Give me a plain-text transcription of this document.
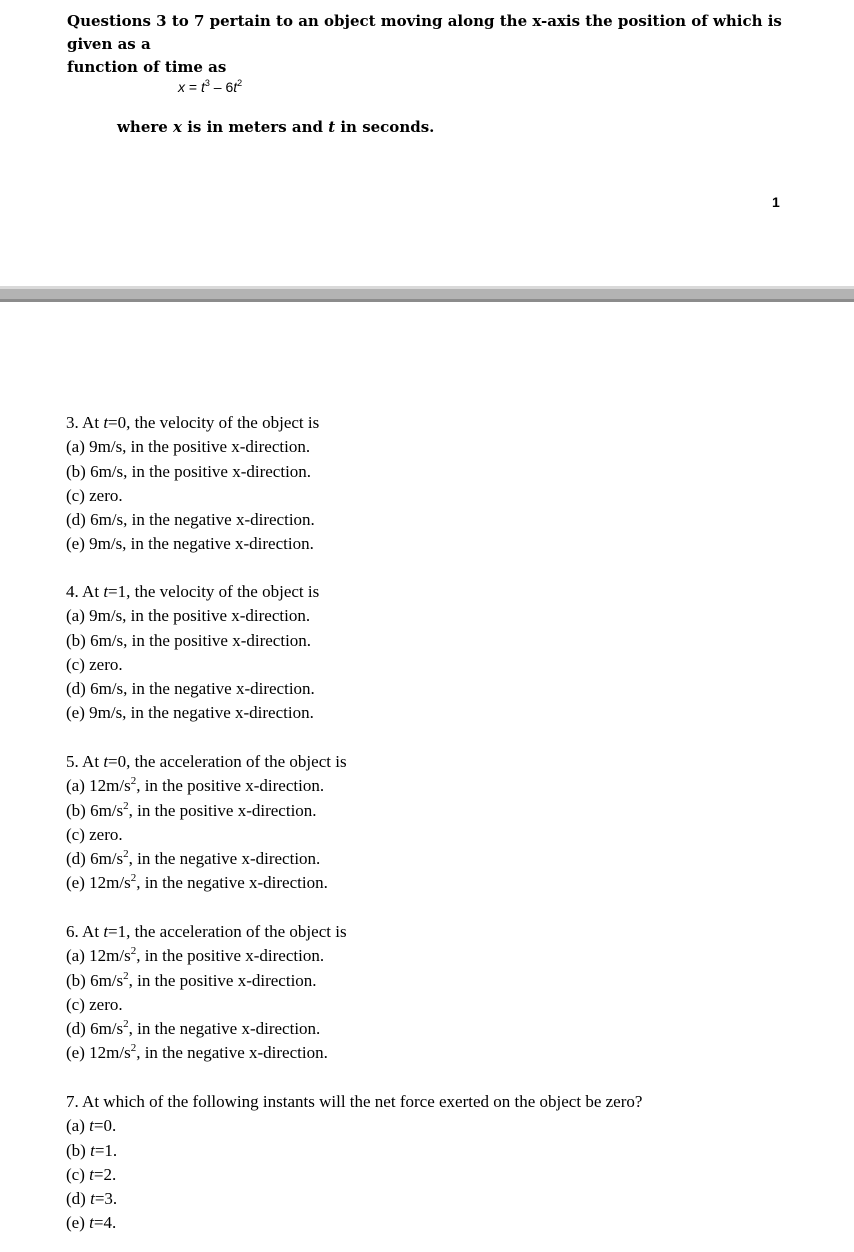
Questions 3 to 7 pertain to an object moving along the x-axis the position of which is given as a
function of time as
$x = t^3 - 6t^2$
where x is in meters and t in seconds.
1
3. At t=0, the velocity of the object is
(a) 9m/s, in the positive x-direction.
(b) 6m/s, in the positive x-direction.
(c) zero.
(d) 6m/s, in the negative x-direction.
(e) 9m/s, in the negative x-direction.
4. At t=1, the velocity of the object is
(a) 9m/s, in the positive x-direction.
(b) 6m/s, in the positive x-direction.
(c) zero.
(d) 6m/s, in the negative x-direction.
(e) 9m/s, in the negative x-direction.
5. At t=0, the acceleration of the object is
(a) $12m/s^2$, in the positive x-direction.
(b) $6m/s^2$, in the positive x-direction.
(c) zero.
(d) $6m/s^2$, in the negative x-direction.
(e) $12m/s^2$, in the negative x-direction.
6. At t=1, the acceleration of the object is
(a) $12m/s^2$, in the positive x-direction.
(b) $6m/s^2$, in the positive x-direction.
(c) zero.
(d) $6m/s^2$, in the negative x-direction.
(e) $12m/s^2$, in the negative x-direction.
7. At which of the following instants will the net force exerted on the object be zero?
(a) t=0.
(b) t=1.
(c) t=2.
(d) t=3.
(e) t=4.
